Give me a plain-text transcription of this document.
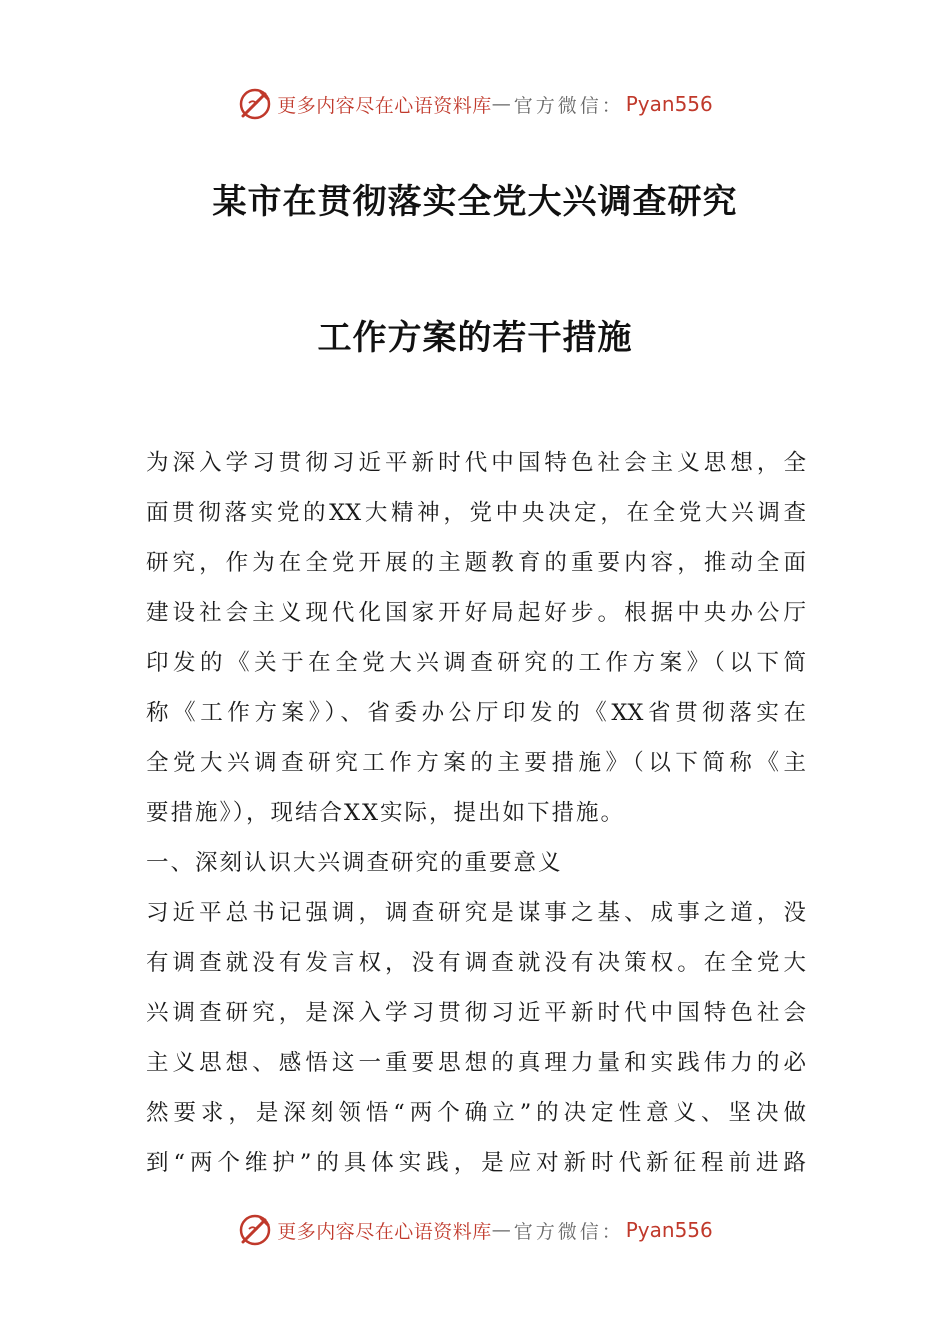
更多内容尽在心语资料库 — 官方微信： Pyan556
某市在贯彻落实全党大兴调查研究
工作方案的若干措施
为深入学习贯彻习近平新时代中国特色社会主义思想，全
面贯彻落实党的XX大精神，党中央决定，在全党大兴调查
研究，作为在全党开展的主题教育的重要内容，推动全面
建设社会主义现代化国家开好局起好步。根据中央办公厅
印发的《关于在全党大兴调查研究的工作方案》（以下简
称《工作方案》）、省委办公厅印发的《XX省贯彻落实在
全党大兴调查研究工作方案的主要措施》（以下简称《主
要措施》），现结合XX实际，提出如下措施。
一、深刻认识大兴调查研究的重要意义
习近平总书记强调，调查研究是谋事之基、成事之道，没
有调查就没有发言权，没有调查就没有决策权。在全党大
兴调查研究，是深入学习贯彻习近平新时代中国特色社会
主义思想、感悟这一重要思想的真理力量和实践伟力的必
然要求，是深刻领悟“两个确立”的决定性意义、坚决做
到“两个维护”的具体实践，是应对新时代新征程前进路
更多内容尽在心语资料库 — 官方微信： Pyan556
